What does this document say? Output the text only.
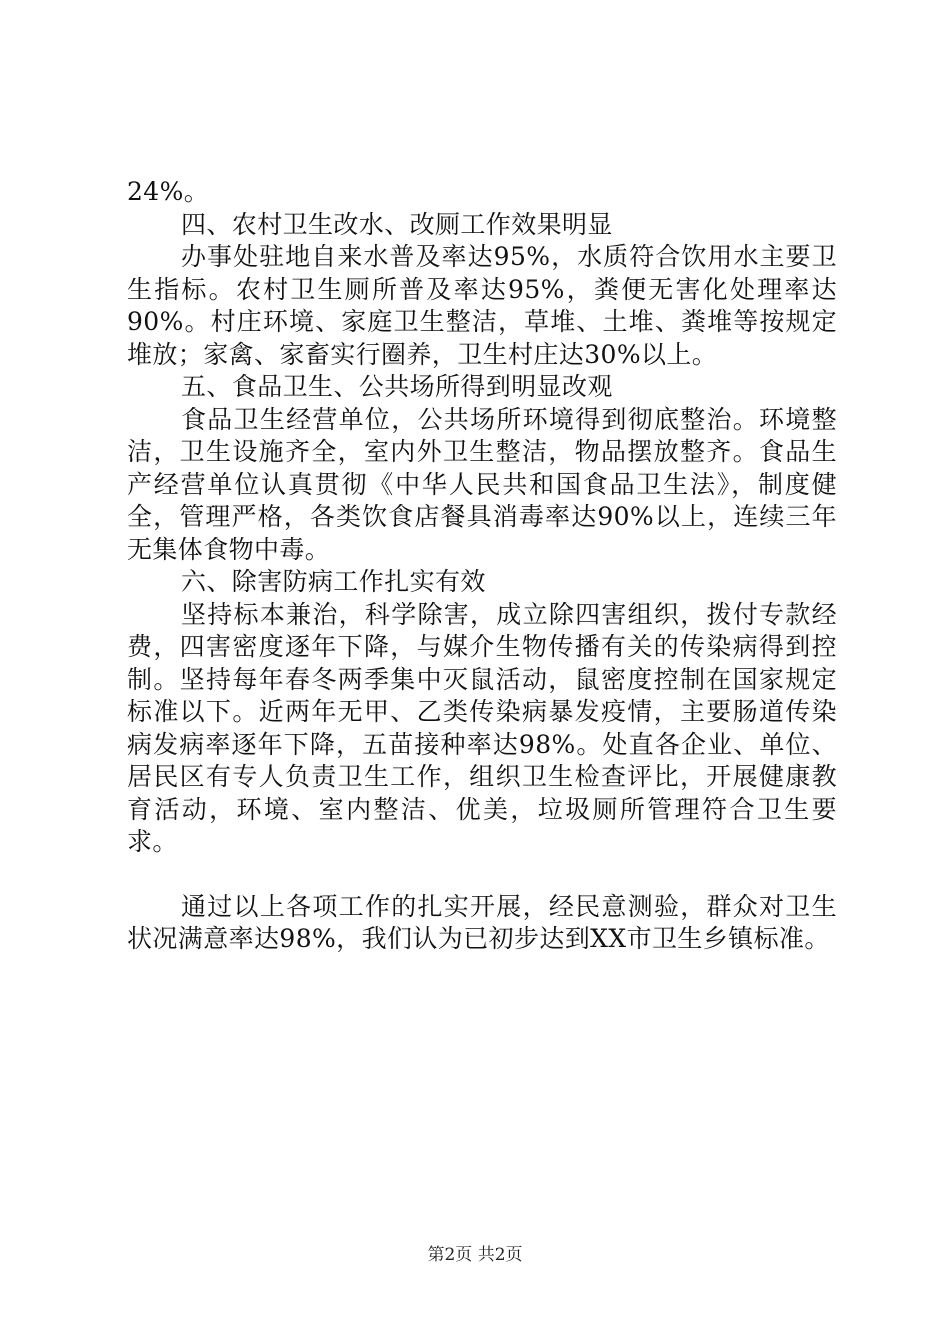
24%。

四、农村卫生改水、改厕工作效果明显

办事处驻地自来水普及率达95%，水质符合饮用水主要卫生指标。农村卫生厕所普及率达95%，粪便无害化处理率达90%。村庄环境、家庭卫生整洁，草堆、土堆、粪堆等按规定堆放；家禽、家畜实行圈养，卫生村庄达30%以上。

五、食品卫生、公共场所得到明显改观

食品卫生经营单位，公共场所环境得到彻底整治。环境整洁，卫生设施齐全，室内外卫生整洁，物品摆放整齐。食品生产经营单位认真贯彻《中华人民共和国食品卫生法》，制度健全，管理严格，各类饮食店餐具消毒率达90%以上，连续三年无集体食物中毒。

六、除害防病工作扎实有效

坚持标本兼治，科学除害，成立除四害组织，拨付专款经费，四害密度逐年下降，与媒介生物传播有关的传染病得到控制。坚持每年春冬两季集中灭鼠活动，鼠密度控制在国家规定标准以下。近两年无甲、乙类传染病暴发疫情，主要肠道传染病发病率逐年下降，五苗接种率达98%。处直各企业、单位、居民区有专人负责卫生工作，组织卫生检查评比，开展健康教育活动，环境、室内整洁、优美，垃圾厕所管理符合卫生要求。

通过以上各项工作的扎实开展，经民意测验，群众对卫生状况满意率达98%，我们认为已初步达到XX市卫生乡镇标准。

第2页 共2页
